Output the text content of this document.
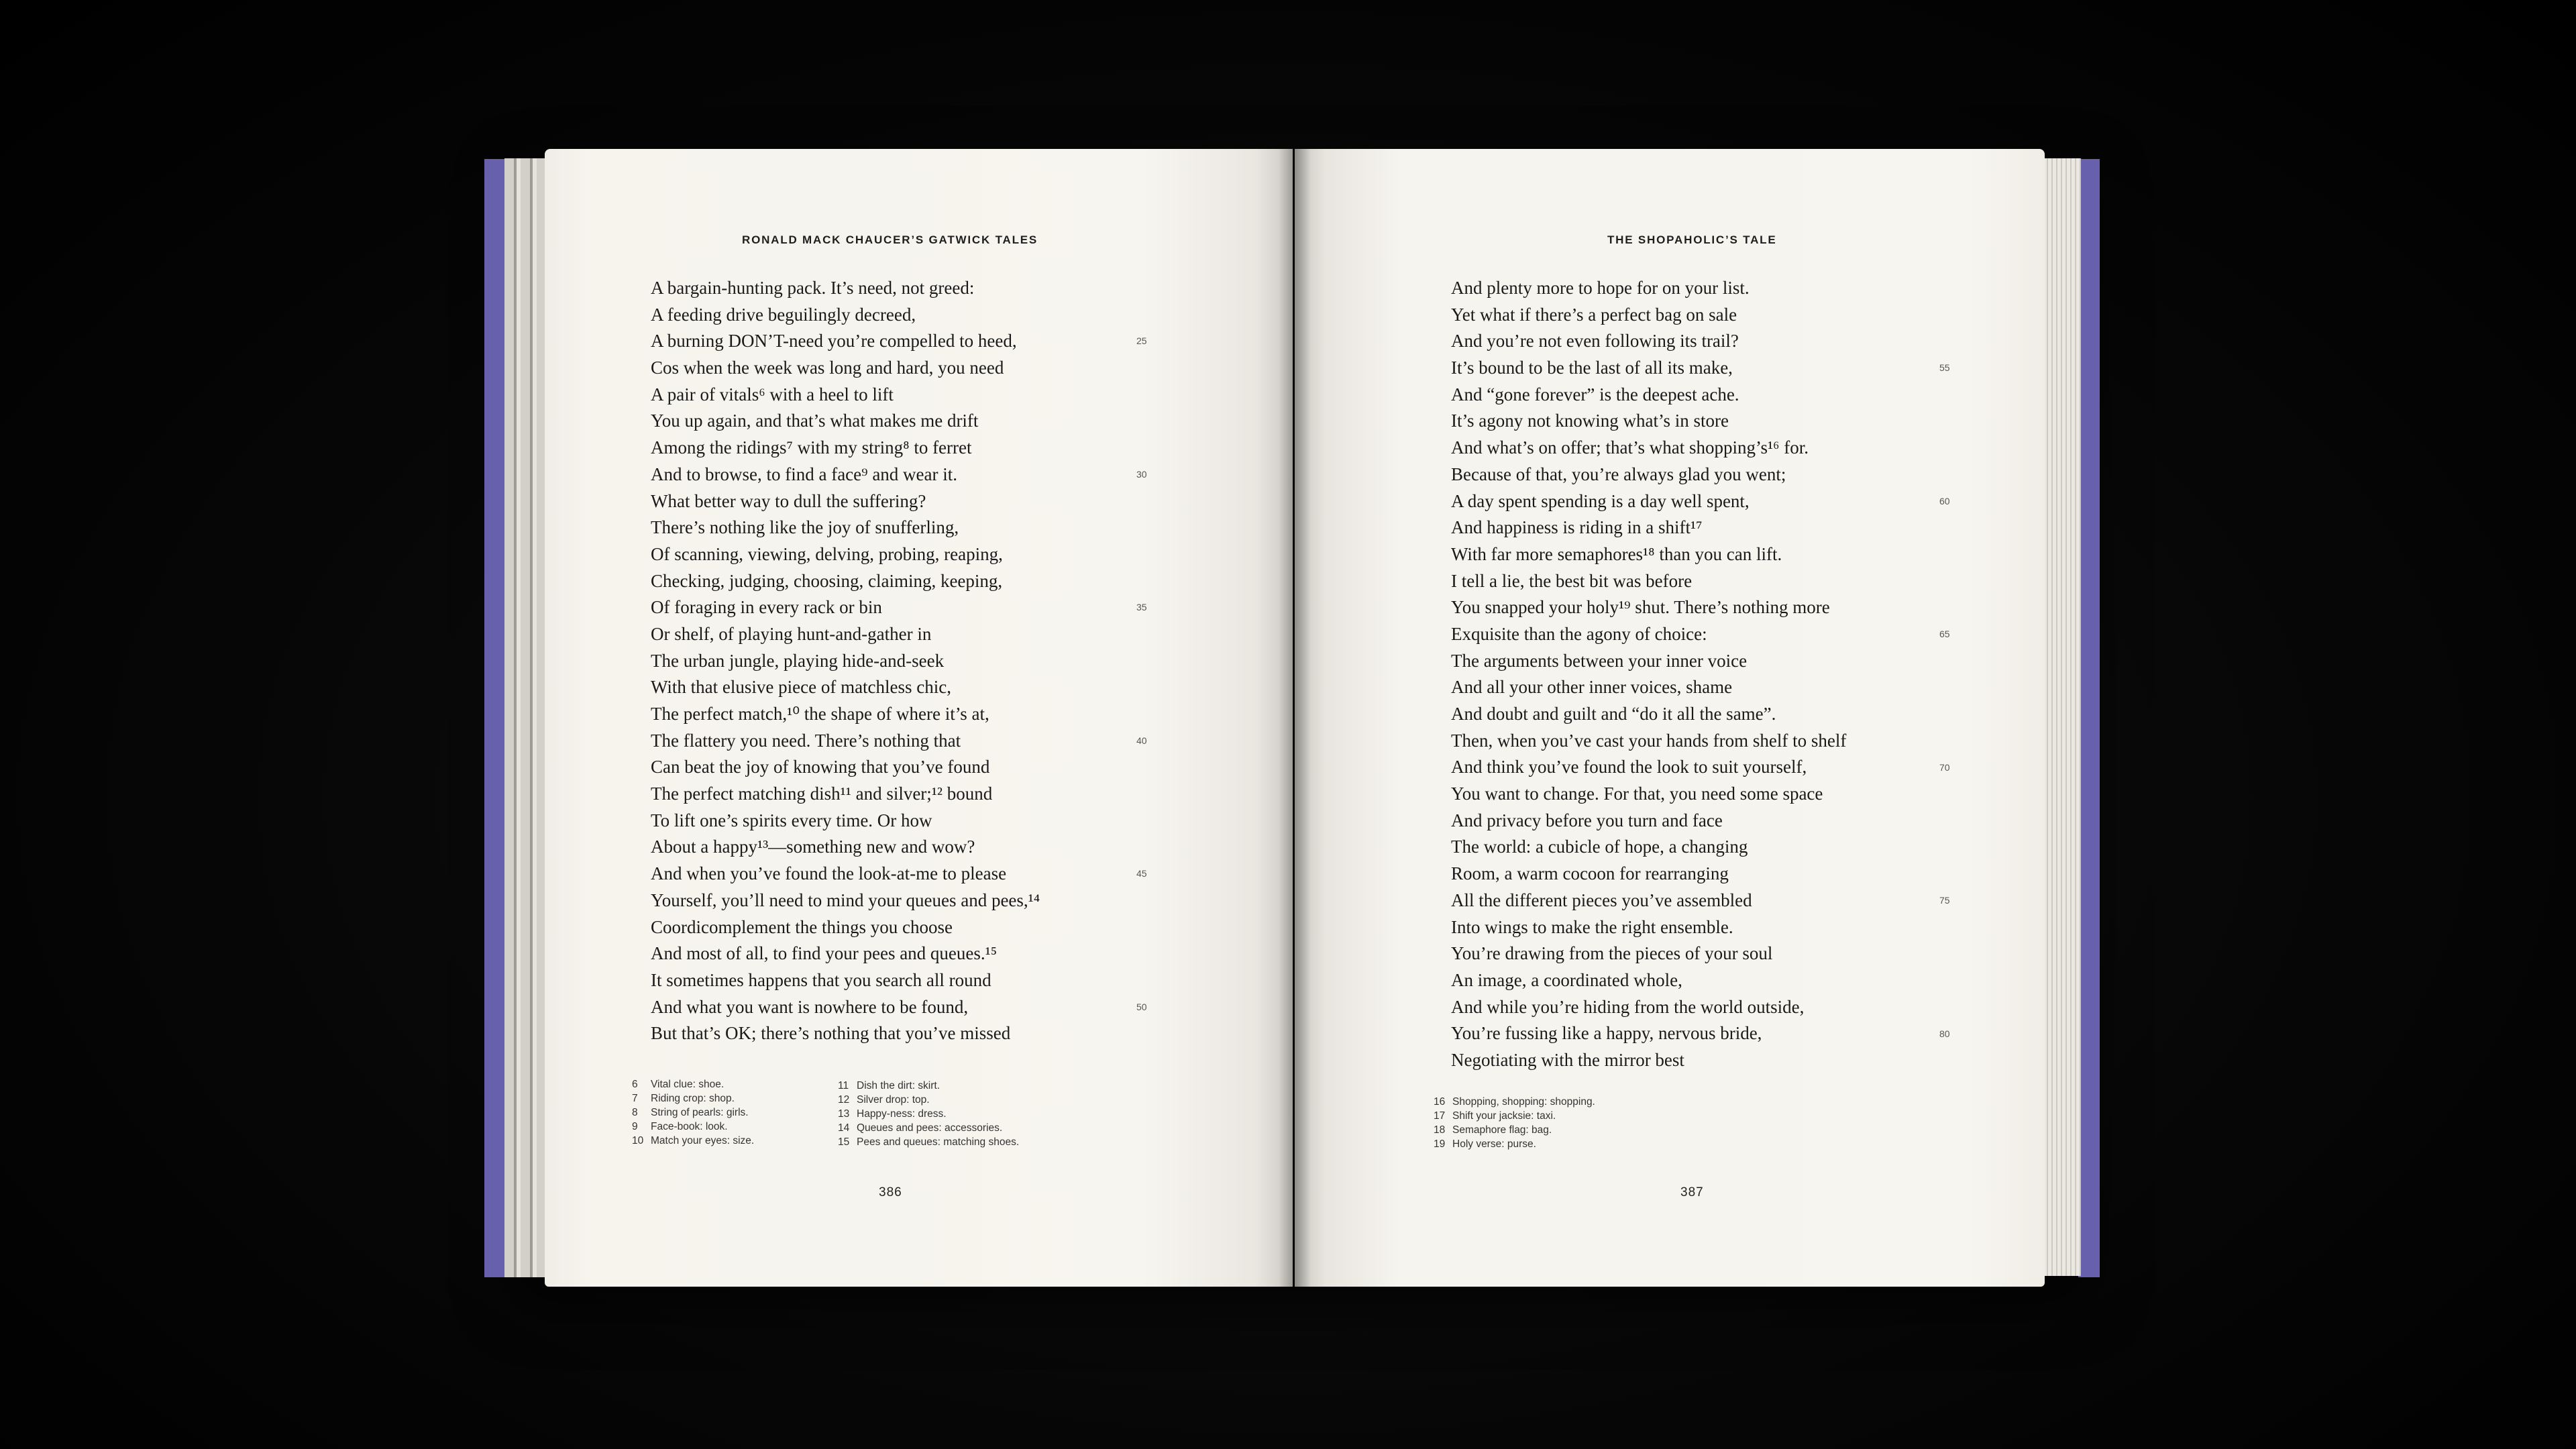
RONALD MACK CHAUCER’S GATWICK TALES
A bargain-hunting pack. It’s need, not greed:
A feeding drive beguilingly decreed,
A burning DON’T-need you’re compelled to heed,
Cos when the week was long and hard, you need
A pair of vitals⁶ with a heel to lift
You up again, and that’s what makes me drift
Among the ridings⁷ with my string⁸ to ferret
And to browse, to find a face⁹ and wear it.
What better way to dull the suffering?
There’s nothing like the joy of snufferling,
Of scanning, viewing, delving, probing, reaping,
Checking, judging, choosing, claiming, keeping,
Of foraging in every rack or bin
Or shelf, of playing hunt-and-gather in
The urban jungle, playing hide-and-seek
With that elusive piece of matchless chic,
The perfect match,¹⁰ the shape of where it’s at,
The flattery you need. There’s nothing that
Can beat the joy of knowing that you’ve found
The perfect matching dish¹¹ and silver;¹² bound
To lift one’s spirits every time. Or how
About a happy¹³—something new and wow?
And when you’ve found the look-at-me to please
Yourself, you’ll need to mind your queues and pees,¹⁴
Coordicomplement the things you choose
And most of all, to find your pees and queues.¹⁵
It sometimes happens that you search all round
And what you want is nowhere to be found,
But that’s OK; there’s nothing that you’ve missed
25
30
35
40
45
50
6 Vital clue: shoe.
7 Riding crop: shop.
8 String of pearls: girls.
9 Face-book: look.
10 Match your eyes: size.
11 Dish the dirt: skirt.
12 Silver drop: top.
13 Happy-ness: dress.
14 Queues and pees: accessories.
15 Pees and queues: matching shoes.
386
THE SHOPAHOLIC’S TALE
And plenty more to hope for on your list.
Yet what if there’s a perfect bag on sale
And you’re not even following its trail?
It’s bound to be the last of all its make,
And “gone forever” is the deepest ache.
It’s agony not knowing what’s in store
And what’s on offer; that’s what shopping’s¹⁶ for.
Because of that, you’re always glad you went;
A day spent spending is a day well spent,
And happiness is riding in a shift¹⁷
With far more semaphores¹⁸ than you can lift.
I tell a lie, the best bit was before
You snapped your holy¹⁹ shut. There’s nothing more
Exquisite than the agony of choice:
The arguments between your inner voice
And all your other inner voices, shame
And doubt and guilt and “do it all the same”.
Then, when you’ve cast your hands from shelf to shelf
And think you’ve found the look to suit yourself,
You want to change. For that, you need some space
And privacy before you turn and face
The world: a cubicle of hope, a changing
Room, a warm cocoon for rearranging
All the different pieces you’ve assembled
Into wings to make the right ensemble.
You’re drawing from the pieces of your soul
An image, a coordinated whole,
And while you’re hiding from the world outside,
You’re fussing like a happy, nervous bride,
Negotiating with the mirror best
55
60
65
70
75
80
16 Shopping, shopping: shopping.
17 Shift your jacksie: taxi.
18 Semaphore flag: bag.
19 Holy verse: purse.
387
